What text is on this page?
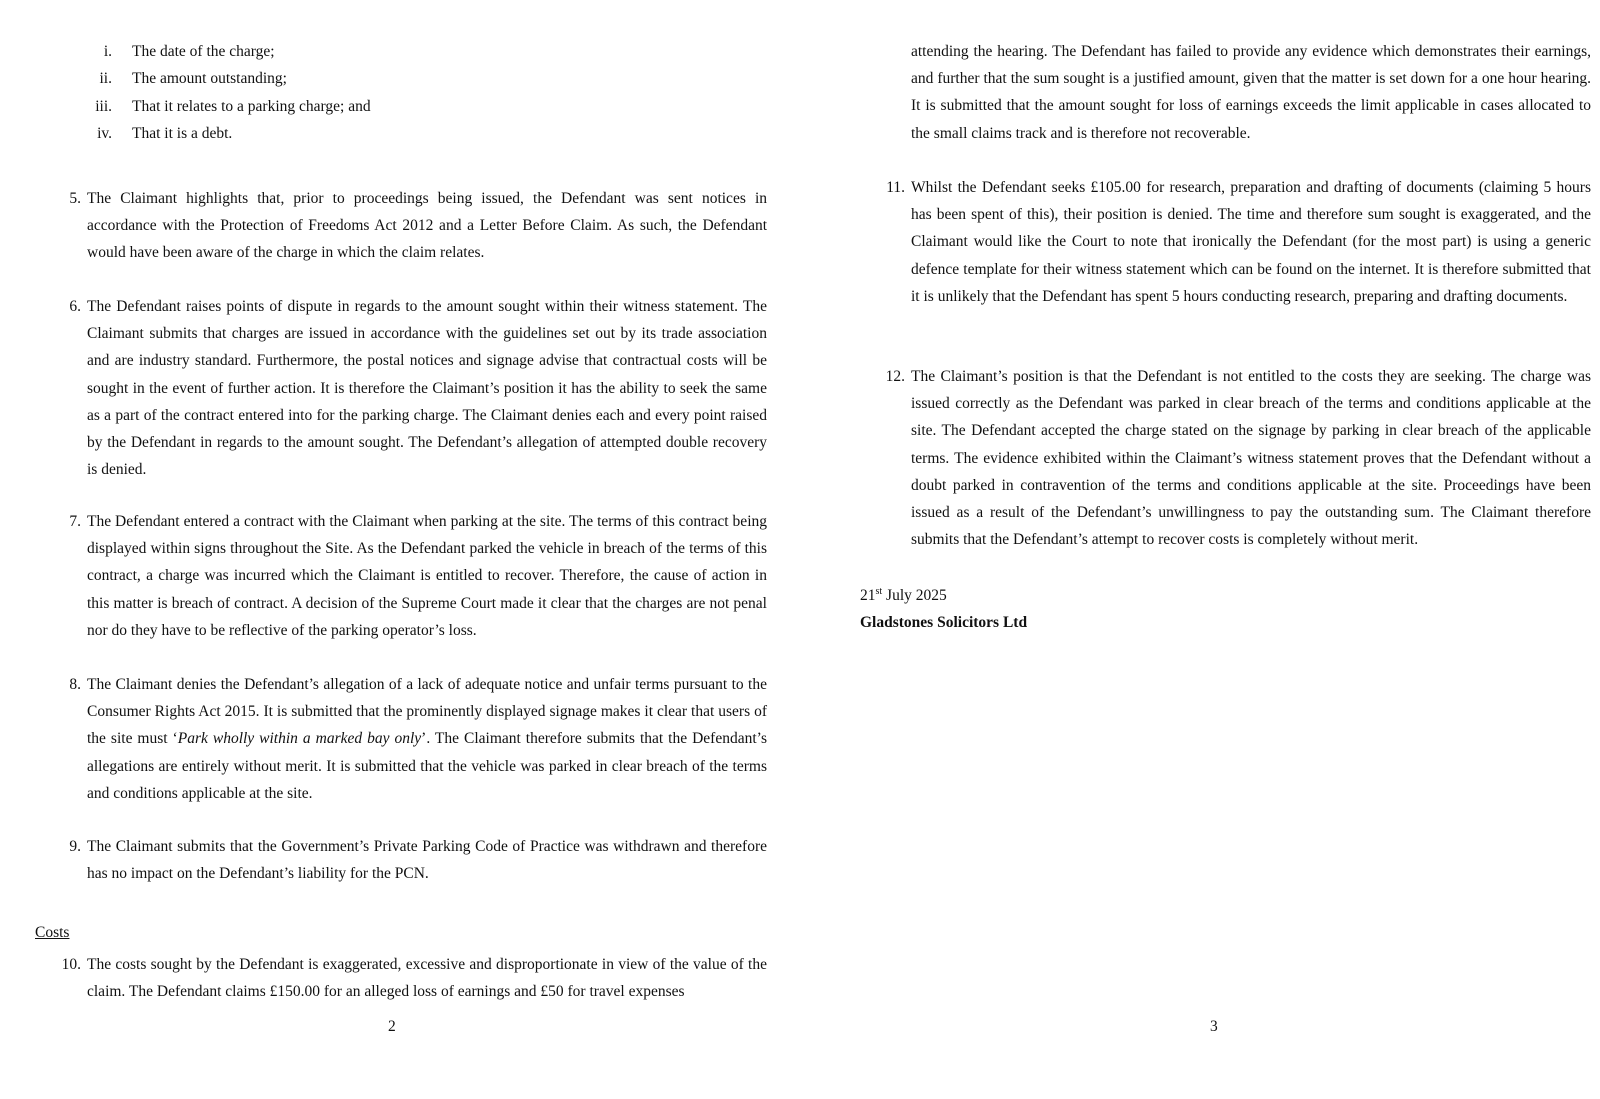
i.	The date of the charge;
ii.	The amount outstanding;
iii.	That it relates to a parking charge; and
iv.	That it is a debt.
5. The Claimant highlights that, prior to proceedings being issued, the Defendant was sent notices in accordance with the Protection of Freedoms Act 2012 and a Letter Before Claim. As such, the Defendant would have been aware of the charge in which the claim relates.
6. The Defendant raises points of dispute in regards to the amount sought within their witness statement. The Claimant submits that charges are issued in accordance with the guidelines set out by its trade association and are industry standard. Furthermore, the postal notices and signage advise that contractual costs will be sought in the event of further action. It is therefore the Claimant’s position it has the ability to seek the same as a part of the contract entered into for the parking charge. The Claimant denies each and every point raised by the Defendant in regards to the amount sought. The Defendant’s allegation of attempted double recovery is denied.
7. The Defendant entered a contract with the Claimant when parking at the site. The terms of this contract being displayed within signs throughout the Site. As the Defendant parked the vehicle in breach of the terms of this contract, a charge was incurred which the Claimant is entitled to recover. Therefore, the cause of action in this matter is breach of contract. A decision of the Supreme Court made it clear that the charges are not penal nor do they have to be reflective of the parking operator’s loss.
8. The Claimant denies the Defendant’s allegation of a lack of adequate notice and unfair terms pursuant to the Consumer Rights Act 2015. It is submitted that the prominently displayed signage makes it clear that users of the site must ‘Park wholly within a marked bay only’. The Claimant therefore submits that the Defendant’s allegations are entirely without merit. It is submitted that the vehicle was parked in clear breach of the terms and conditions applicable at the site.
9. The Claimant submits that the Government’s Private Parking Code of Practice was withdrawn and therefore has no impact on the Defendant’s liability for the PCN.
Costs
10. The costs sought by the Defendant is exaggerated, excessive and disproportionate in view of the value of the claim. The Defendant claims £150.00 for an alleged loss of earnings and £50 for travel expenses
2
attending the hearing. The Defendant has failed to provide any evidence which demonstrates their earnings, and further that the sum sought is a justified amount, given that the matter is set down for a one hour hearing. It is submitted that the amount sought for loss of earnings exceeds the limit applicable in cases allocated to the small claims track and is therefore not recoverable.
11. Whilst the Defendant seeks £105.00 for research, preparation and drafting of documents (claiming 5 hours has been spent of this), their position is denied. The time and therefore sum sought is exaggerated, and the Claimant would like the Court to note that ironically the Defendant (for the most part) is using a generic defence template for their witness statement which can be found on the internet. It is therefore submitted that it is unlikely that the Defendant has spent 5 hours conducting research, preparing and drafting documents.
12. The Claimant’s position is that the Defendant is not entitled to the costs they are seeking. The charge was issued correctly as the Defendant was parked in clear breach of the terms and conditions applicable at the site. The Defendant accepted the charge stated on the signage by parking in clear breach of the applicable terms. The evidence exhibited within the Claimant’s witness statement proves that the Defendant without a doubt parked in contravention of the terms and conditions applicable at the site. Proceedings have been issued as a result of the Defendant’s unwillingness to pay the outstanding sum. The Claimant therefore submits that the Defendant’s attempt to recover costs is completely without merit.
21st July 2025
Gladstones Solicitors Ltd
3
